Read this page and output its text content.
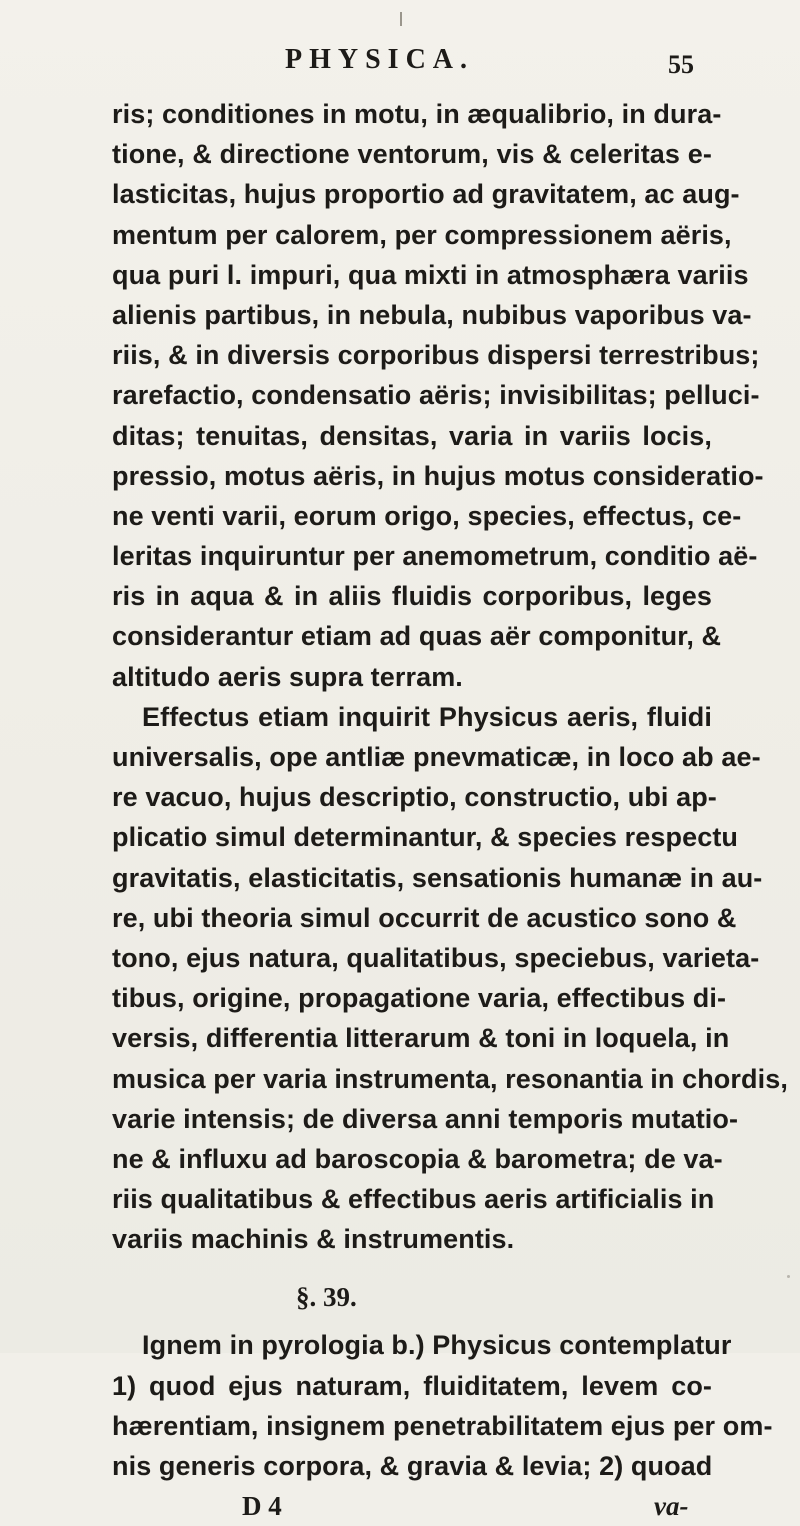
PHYSICA.	55
ris; conditiones in motu, in æqualibrio, in dura-
tione, & directione ventorum, vis & celeritas e-
lasticitas, hujus proportio ad gravitatem, ac aug-
mentum per calorem, per compressionem aëris,
qua puri l. impuri, qua mixti in atmosphæra variis
alienis partibus, in nebula, nubibus vaporibus va-
riis, & in diversis corporibus dispersi terrestribus;
rarefactio, condensatio aëris; invisibilitas; pelluci-
ditas; tenuitas, densitas, varia in variis locis,
pressio, motus aëris, in hujus motus consideratio-
ne venti varii, eorum origo, species, effectus, ce-
leritas inquiruntur per anemometrum, conditio aë-
ris in aqua & in aliis fluidis corporibus, leges
considerantur etiam ad quas aër componitur, &
altitudo aeris supra terram.
Effectus etiam inquirit Physicus aeris, fluidi
universalis, ope antliæ pnevmaticæ, in loco ab ae-
re vacuo, hujus descriptio, constructio, ubi ap-
plicatio simul determinantur, & species respectu
gravitatis, elasticitatis, sensationis humanæ in au-
re, ubi theoria simul occurrit de acustico sono &
tono, ejus natura, qualitatibus, speciebus, varieta-
tibus, origine, propagatione varia, effectibus di-
versis, differentia litterarum & toni in loquela, in
musica per varia instrumenta, resonantia in chordis,
varie intensis; de diversa anni temporis mutatio-
ne & influxu ad baroscopia & barometra; de va-
riis qualitatibus & effectibus aeris artificialis in
variis machinis & instrumentis.
§. 39.
Ignem in pyrologia b.) Physicus contemplatur
1) quod ejus naturam, fluiditatem, levem co-
hærentiam, insignem penetrabilitatem ejus per om-
nis generis corpora, & gravia & levia; 2) quoad
D 4	va-
